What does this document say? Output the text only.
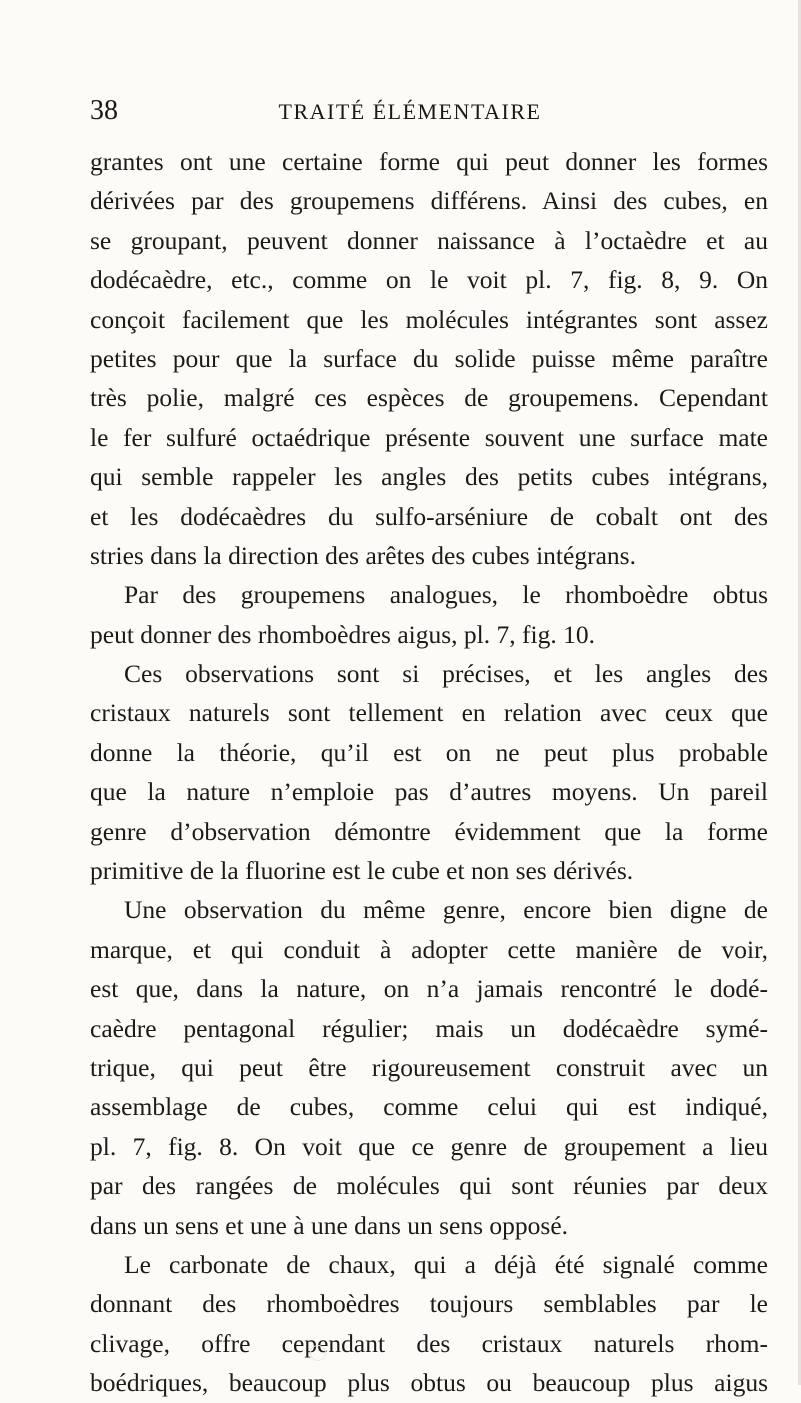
38	TRAITÉ ÉLÉMENTAIRE
grantes ont une certaine forme qui peut donner les formes
dérivées par des groupemens différens. Ainsi des cubes, en
se groupant, peuvent donner naissance à l’octaèdre et au
dodécaèdre, etc., comme on le voit pl. 7, fig. 8, 9. On
conçoit facilement que les molécules intégrantes sont assez
petites pour que la surface du solide puisse même paraître
très polie, malgré ces espèces de groupemens. Cependant
le fer sulfuré octaédrique présente souvent une surface mate
qui semble rappeler les angles des petits cubes intégrans,
et les dodécaèdres du sulfo-arséniure de cobalt ont des
stries dans la direction des arêtes des cubes intégrans.
Par des groupemens analogues, le rhomboèdre obtus
peut donner des rhomboèdres aigus, pl. 7, fig. 10.
Ces observations sont si précises, et les angles des
cristaux naturels sont tellement en relation avec ceux que
donne la théorie, qu’il est on ne peut plus probable
que la nature n’emploie pas d’autres moyens. Un pareil
genre d’observation démontre évidemment que la forme
primitive de la fluorine est le cube et non ses dérivés.
Une observation du même genre, encore bien digne de
marque, et qui conduit à adopter cette manière de voir,
est que, dans la nature, on n’a jamais rencontré le dodé-
caèdre pentagonal régulier; mais un dodécaèdre symé-
trique, qui peut être rigoureusement construit avec un
assemblage de cubes, comme celui qui est indiqué,
pl. 7, fig. 8. On voit que ce genre de groupement a lieu
par des rangées de molécules qui sont réunies par deux
dans un sens et une à une dans un sens opposé.
Le carbonate de chaux, qui a déjà été signalé comme
donnant des rhomboèdres toujours semblables par le
clivage, offre cependant des cristaux naturels rhom-
boédriques, beaucoup plus obtus ou beaucoup plus aigus
